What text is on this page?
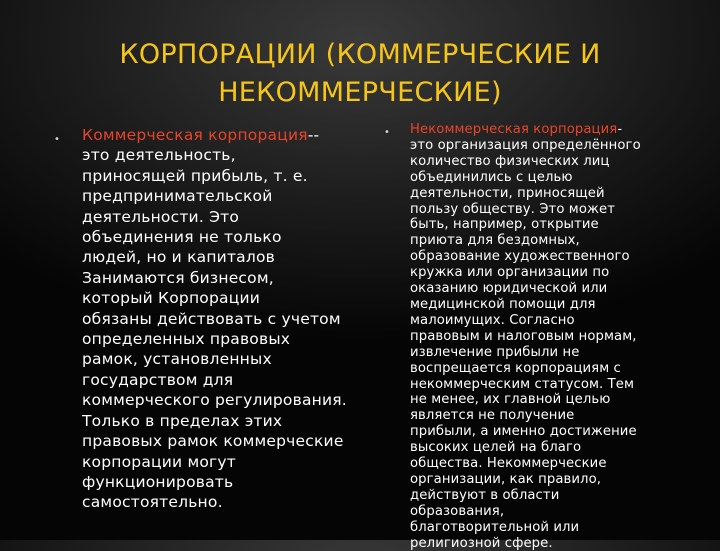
КОРПОРАЦИИ (КОММЕРЧЕСКИЕ И
НЕКОММЕРЧЕСКИЕ)
• Коммерческая корпорация--
это деятельность,
приносящей прибыль, т. е.
предпринимательской
деятельности. Это
объединения не только
людей, но и капиталов
Занимаются бизнесом,
который Корпорации
обязаны действовать с учетом
определенных правовых
рамок, установленных
государством для
коммерческого регулирования.
Только в пределах этих
правовых рамок коммерческие
корпорации могут
функционировать
самостоятельно.
• Некоммерческая корпорация-
это организация определённого
количество физических лиц
объединились с целью
деятельности, приносящей
пользу обществу. Это может
быть, например, открытие
приюта для бездомных,
образование художественного
кружка или организации по
оказанию юридической или
медицинской помощи для
малоимущих. Согласно
правовым и налоговым нормам,
извлечение прибыли не
воспрещается корпорациям с
некоммерческим статусом. Тем
не менее, их главной целью
является не получение
прибыли, а именно достижение
высоких целей на благо
общества. Некоммерческие
организации, как правило,
действуют в области
образования,
благотворительной или
религиозной сфере.
